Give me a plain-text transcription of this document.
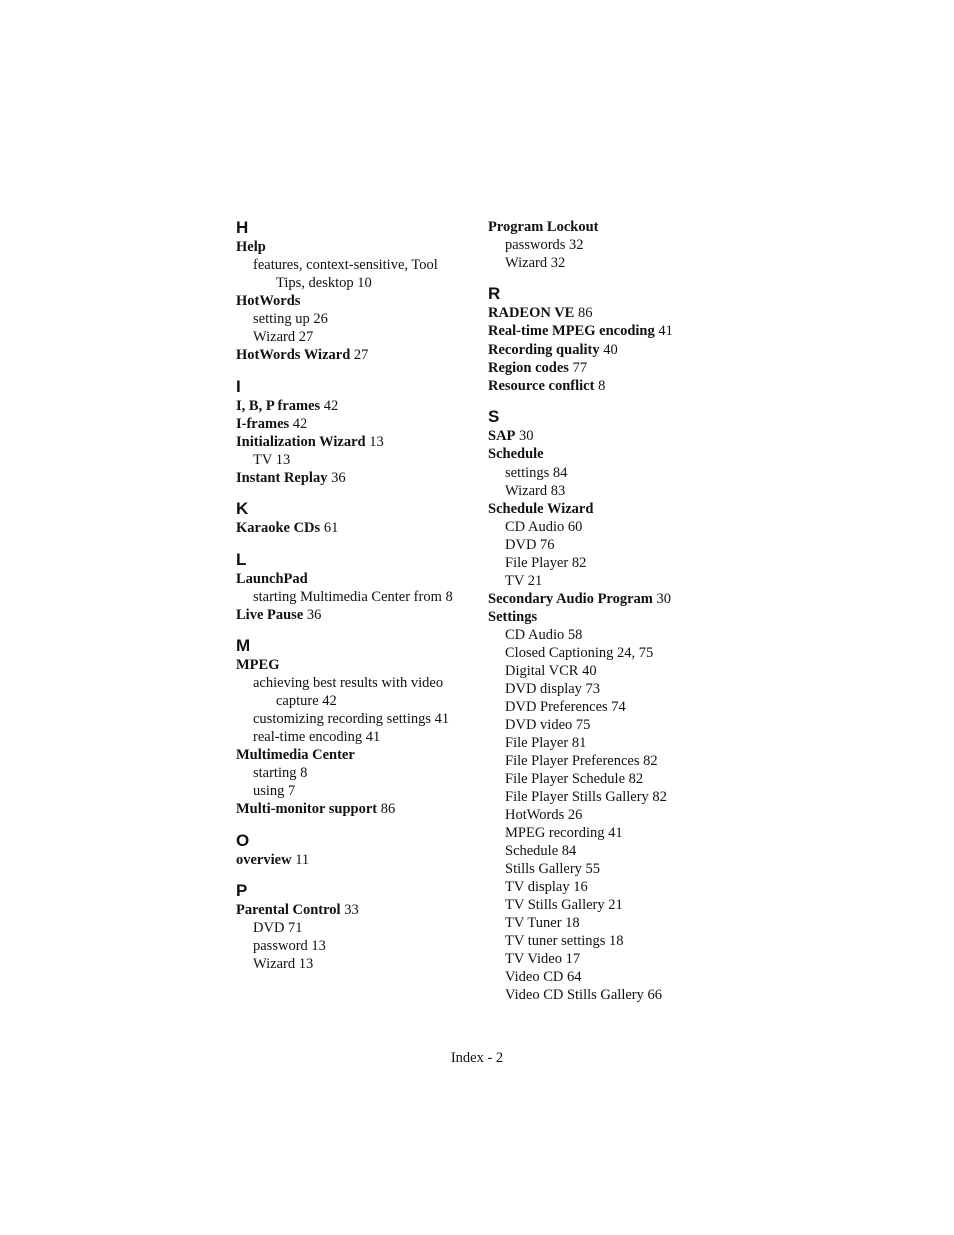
H
Help
features, context-sensitive, Tool
Tips, desktop 10
HotWords
setting up 26
Wizard 27
HotWords Wizard 27
I
I, B, P frames 42
I-frames 42
Initialization Wizard 13
TV 13
Instant Replay 36
K
Karaoke CDs 61
L
LaunchPad
starting Multimedia Center from 8
Live Pause 36
M
MPEG
achieving best results with video
capture 42
customizing recording settings 41
real-time encoding 41
Multimedia Center
starting 8
using 7
Multi-monitor support 86
O
overview 11
P
Parental Control 33
DVD 71
password 13
Wizard 13
Program Lockout
passwords 32
Wizard 32
R
RADEON VE 86
Real-time MPEG encoding 41
Recording quality 40
Region codes 77
Resource conflict 8
S
SAP 30
Schedule
settings 84
Wizard 83
Schedule Wizard
CD Audio 60
DVD 76
File Player 82
TV 21
Secondary Audio Program 30
Settings
CD Audio 58
Closed Captioning 24, 75
Digital VCR 40
DVD display 73
DVD Preferences 74
DVD video 75
File Player 81
File Player Preferences 82
File Player Schedule 82
File Player Stills Gallery 82
HotWords 26
MPEG recording 41
Schedule 84
Stills Gallery 55
TV display 16
TV Stills Gallery 21
TV Tuner 18
TV tuner settings 18
TV Video 17
Video CD 64
Video CD Stills Gallery 66
Index - 2
